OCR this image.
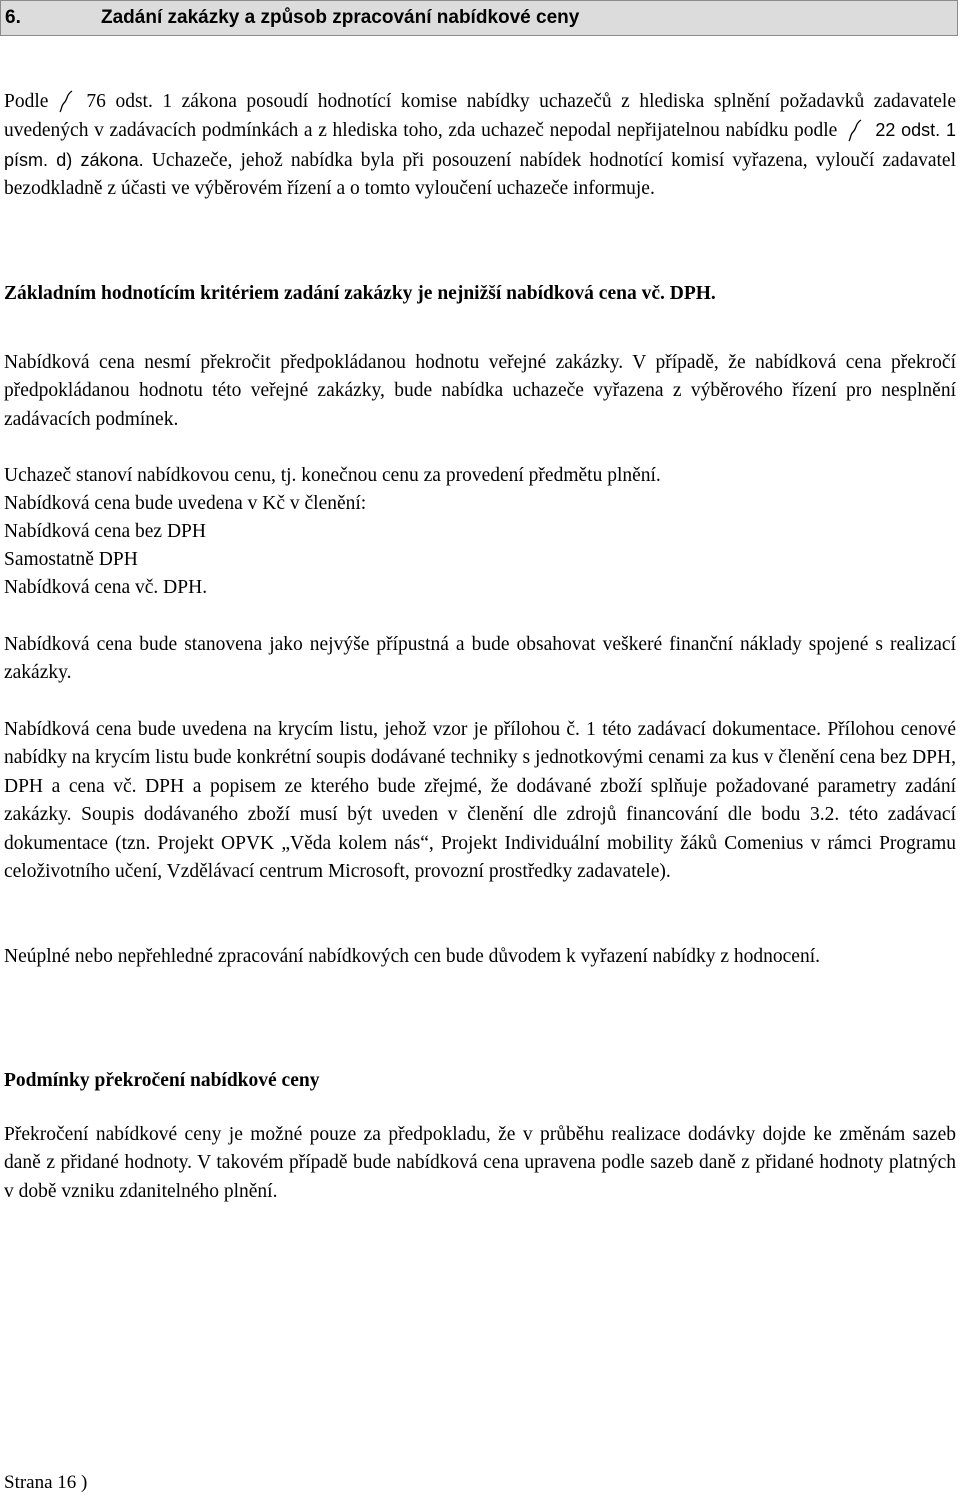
6.	Zadání zakázky a způsob zpracování nabídkové ceny
Podle 76 odst. 1 zákona posoudí hodnotící komise nabídky uchazečů z hlediska splnění požadavků zadavatele uvedených v zadávacích podmínkách a z hlediska toho, zda uchazeč nepodal nepřijatelnou nabídku podle 22 odst. 1 písm. d) zákona. Uchazeče, jehož nabídka byla při posouzení nabídek hodnotící komisí vyřazena, vyloučí zadavatel bezodkladně z účasti ve výběrovém řízení a o tomto vyloučení uchazeče informuje.
Základním hodnotícím kritériem zadání zakázky je nejnižší nabídková cena vč. DPH.
Nabídková cena nesmí překročit předpokládanou hodnotu veřejné zakázky. V případě, že nabídková cena překročí předpokládanou hodnotu této veřejné zakázky, bude nabídka uchazeče vyřazena z výběrového řízení pro nesplnění zadávacích podmínek.
Uchazeč stanoví nabídkovou cenu, tj. konečnou cenu za provedení předmětu plnění.
Nabídková cena bude uvedena v Kč v členění:
Nabídková cena bez DPH
Samostatně DPH
Nabídková cena vč. DPH.
Nabídková cena bude stanovena jako nejvýše přípustná a bude obsahovat veškeré finanční náklady spojené s realizací zakázky.
Nabídková cena bude uvedena na krycím listu, jehož vzor je přílohou č. 1 této zadávací dokumentace. Přílohou cenové nabídky na krycím listu bude konkrétní soupis dodávané techniky s jednotkovými cenami za kus v členění cena bez DPH, DPH a cena vč. DPH a popisem ze kterého bude zřejmé, že dodávané zboží splňuje požadované parametry zadání zakázky. Soupis dodávaného zboží musí být uveden v členění dle zdrojů financování dle bodu 3.2. této zadávací dokumentace (tzn. Projekt OPVK „Věda kolem nás“, Projekt Individuální mobility žáků Comenius v rámci Programu celoživotního učení, Vzdělávací centrum Microsoft, provozní prostředky zadavatele).
Neúplné nebo nepřehledné zpracování nabídkových cen bude důvodem k vyřazení nabídky z hodnocení.
Podmínky překročení nabídkové ceny
Překročení nabídkové ceny je možné pouze za předpokladu, že v průběhu realizace dodávky dojde ke změnám sazeb daně z přidané hodnoty. V takovém případě bude nabídková cena upravena podle sazeb daně z přidané hodnoty platných v době vzniku zdanitelného plnění.
Strana 16 )
